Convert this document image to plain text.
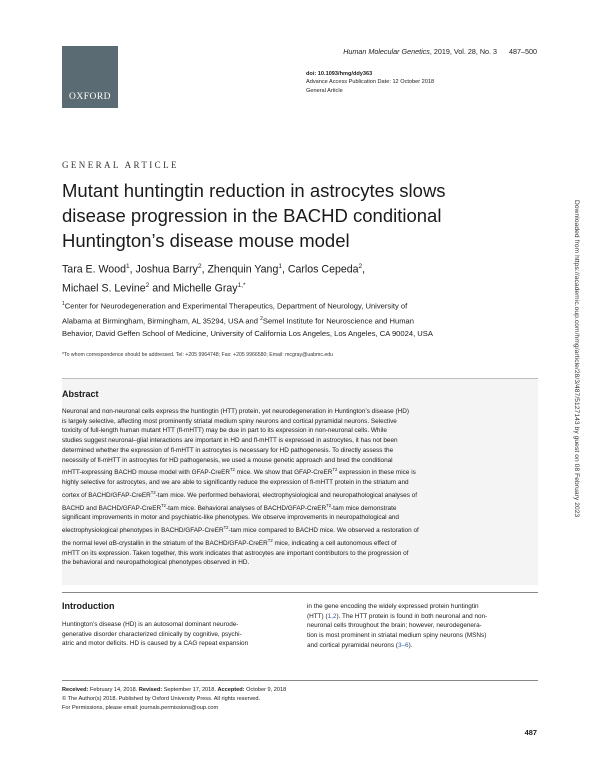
OXFORD
Human Molecular Genetics, 2019, Vol. 28, No. 3 487–500
doi: 10.1093/hmg/ddy363
Advance Access Publication Date: 12 October 2018
General Article
GENERAL ARTICLE
Mutant huntingtin reduction in astrocytes slows
disease progression in the BACHD conditional
Huntington’s disease mouse model
Tara E. Wood$^1$, Joshua Barry$^2$, Zhenquin Yang$^1$, Carlos Cepeda$^2$,
Michael S. Levine$^2$ and Michelle Gray$^{1,*}$
$^1$Center for Neurodegeneration and Experimental Therapeutics, Department of Neurology, University of
Alabama at Birmingham, Birmingham, AL 35294, USA and $^2$Semel Institute for Neuroscience and Human
Behavior, David Geffen School of Medicine, University of California Los Angeles, Los Angeles, CA 90024, USA
*To whom correspondence should be addressed. Tel: +205 9964748; Fax: +205 9966580; Email: mcgray@uabmc.edu
Abstract
Neuronal and non-neuronal cells express the huntingtin (HTT) protein, yet neurodegeneration in Huntington’s disease (HD)
is largely selective, affecting most prominently striatal medium spiny neurons and cortical pyramidal neurons. Selective
toxicity of full-length human mutant HTT (fl-mHTT) may be due in part to its expression in non-neuronal cells. While
studies suggest neuronal–glial interactions are important in HD and fl-mHTT is expressed in astrocytes, it has not been
determined whether the expression of fl-mHTT in astrocytes is necessary for HD pathogenesis. To directly assess the
necessity of fl-mHTT in astrocytes for HD pathogenesis, we used a mouse genetic approach and bred the conditional
mHTT-expressing BACHD mouse model with GFAP-CreER$^{T2}$ mice. We show that GFAP-CreER$^{T2}$ expression in these mice is
highly selective for astrocytes, and we are able to significantly reduce the expression of fl-mHTT protein in the striatum and
cortex of BACHD/GFAP-CreER$^{T2}$-tam mice. We performed behavioral, electrophysiological and neuropathological analyses of
BACHD and BACHD/GFAP-CreER$^{T2}$-tam mice. Behavioral analyses of BACHD/GFAP-CreER$^{T2}$-tam mice demonstrate
significant improvements in motor and psychiatric-like phenotypes. We observe improvements in neuropathological and
electrophysiological phenotypes in BACHD/GFAP-CreER$^{T2}$-tam mice compared to BACHD mice. We observed a restoration of
the normal level αB-crystallin in the striatum of the BACHD/GFAP-CreER$^{T2}$ mice, indicating a cell autonomous effect of
mHTT on its expression. Taken together, this work indicates that astrocytes are important contributors to the progression of
the behavioral and neuropathological phenotypes observed in HD.
Introduction
Huntington’s disease (HD) is an autosomal dominant neurode-
generative disorder characterized clinically by cognitive, psychi-
atric and motor deficits. HD is caused by a CAG repeat expansion
in the gene encoding the widely expressed protein huntingtin
(HTT) (1,2). The HTT protein is found in both neuronal and non-
neuronal cells throughout the brain; however, neurodegenera-
tion is most prominent in striatal medium spiny neurons (MSNs)
and cortical pyramidal neurons (3–6).
Received: February 14, 2018. Revised: September 17, 2018. Accepted: October 9, 2018
© The Author(s) 2018. Published by Oxford University Press. All rights reserved.
For Permissions, please email: journals.permissions@oup.com
487
Downloaded from https://academic.oup.com/hmg/article/28/3/487/5127143 by guest on 08 February 2023
